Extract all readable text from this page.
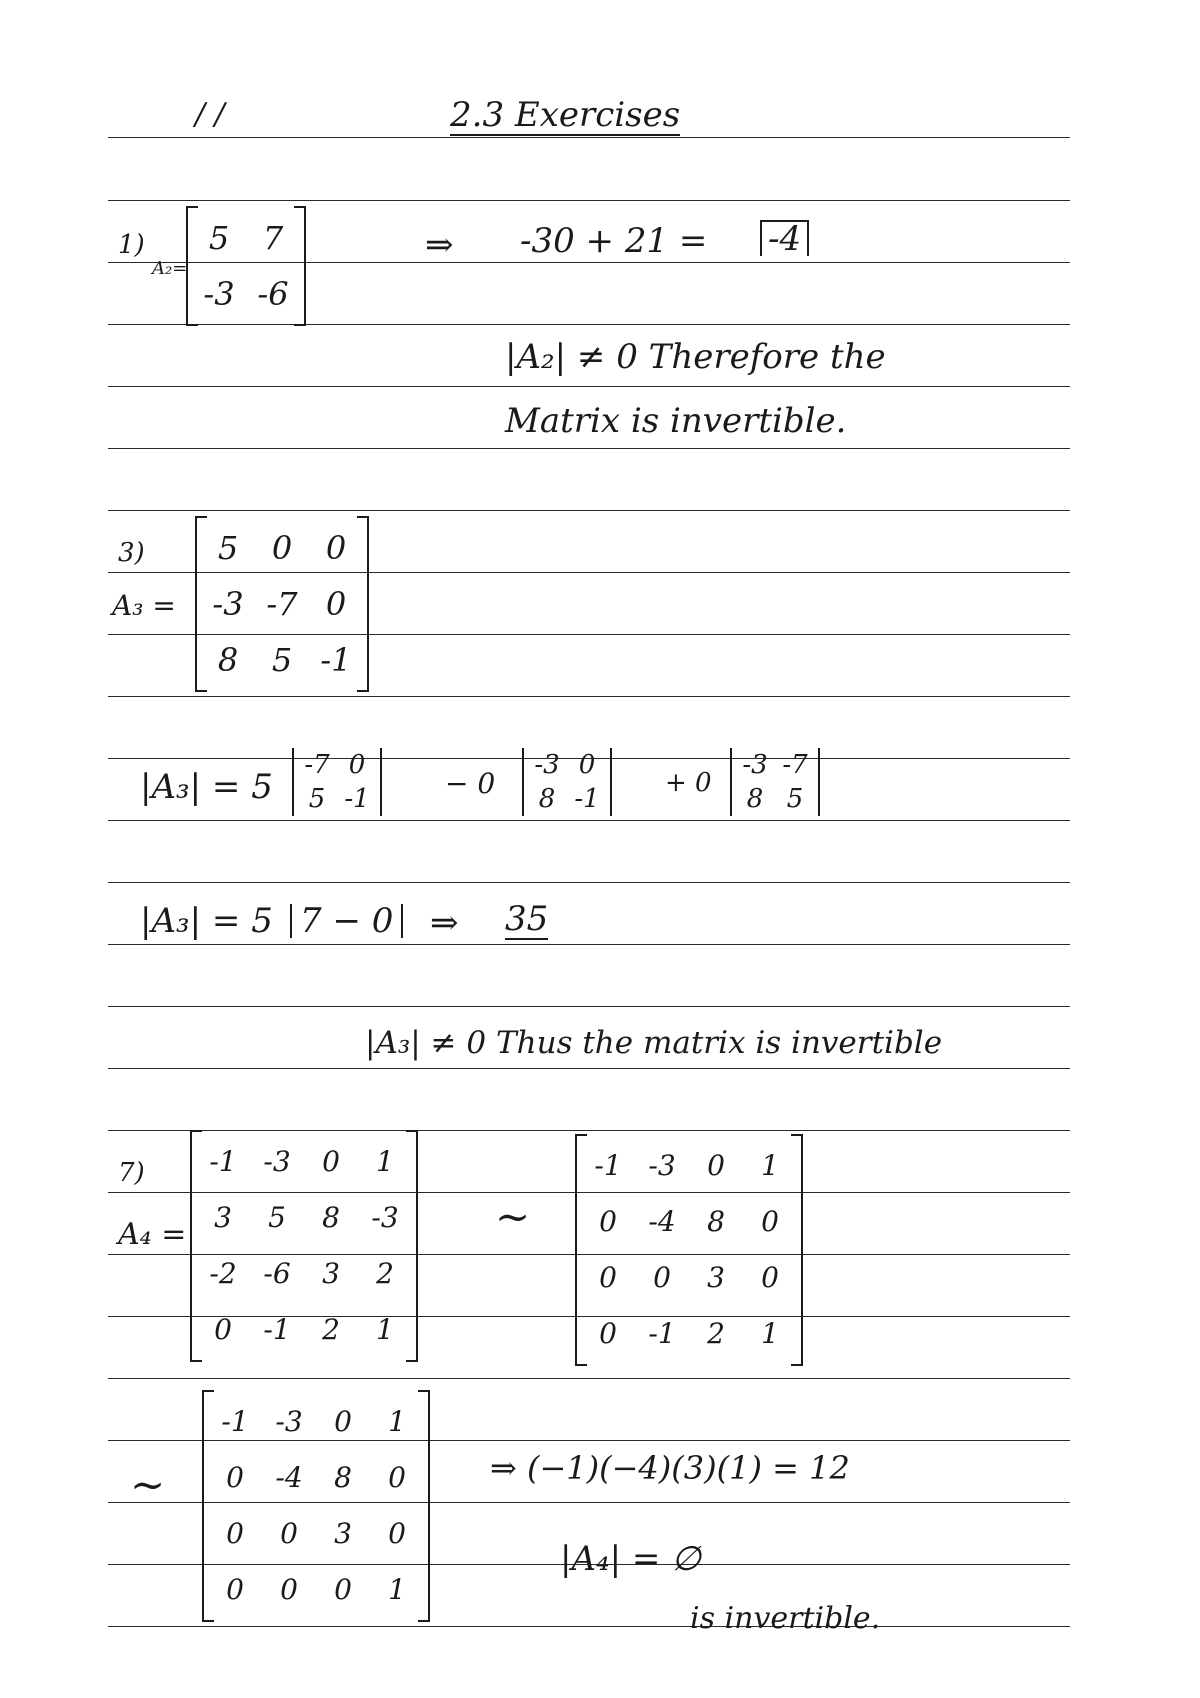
/ /	2.3 Exercises
1)
A₂=
5 7
-3 -6
⇒ -30 + 21 = -4
|A₂| ≠ 0 Therefore the
Matrix is invertible.
3)
A₃ =
5 0 0
-3 -7 0
8 5 -1
|A₃| = 5
-7 0
5 -1	− 0
-3 0
8 -1
+ 0
-3 -7
8 5
|A₃| = 5 7 − 0 ⇒ 35
|A₃| ≠ 0 Thus the matrix is invertible
7)
A₄ =
-1 -3 0 1
3 5 8 -3
-2 -6 3 2
0 -1 2 1
∼
-1 -3 0 1
0 -4 8 0
0 0 3 0
0 -1 2 1
∼
-1 -3 0 1
0 -4 8 0
0 0 3 0
0 0 0 1
⇒ (−1)(−4)(3)(1) = 12
|A₄| = ∅
is invertible.
